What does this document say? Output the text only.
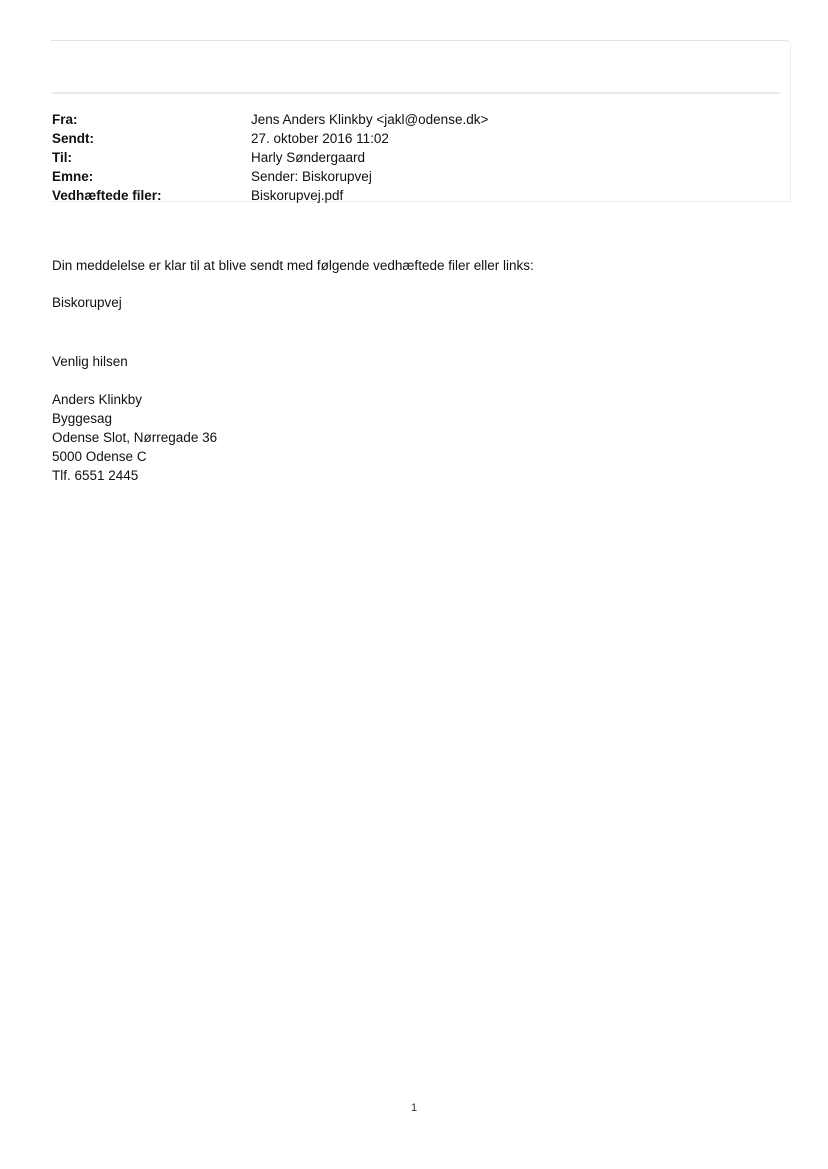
Fra:	Jens Anders Klinkby <jakl@odense.dk>
Sendt:	27. oktober 2016 11:02
Til:	Harly Søndergaard
Emne:	Sender: Biskorupvej
Vedhæftede filer:	Biskorupvej.pdf

Din meddelelse er klar til at blive sendt med følgende vedhæftede filer eller links:

Biskorupvej

Venlig hilsen

Anders Klinkby
Byggesag
Odense Slot, Nørregade 36
5000 Odense C
Tlf. 6551 2445
1
